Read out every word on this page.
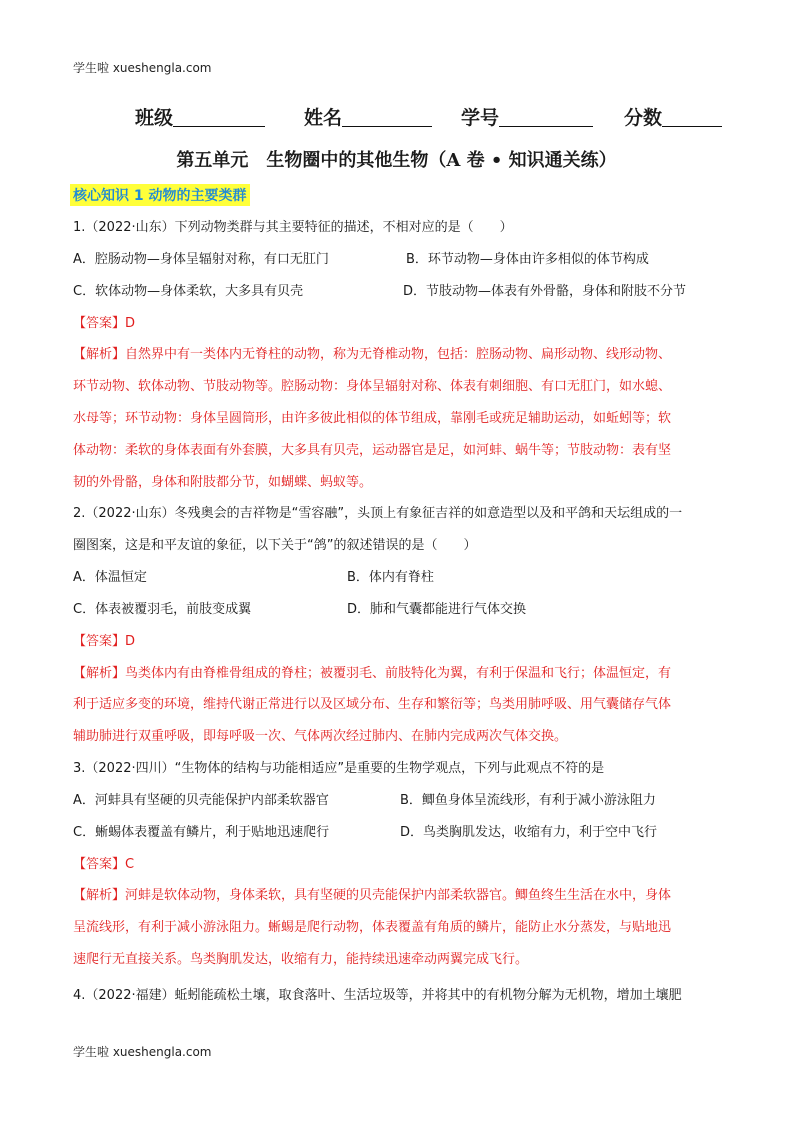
学生啦 xueshengla.com
班级	姓名	学号	分数
第五单元　生物圈中的其他生物（A 卷 • 知识通关练）
核心知识 1 动物的主要类群
1.（2022·山东）下列动物类群与其主要特征的描述，不相对应的是（　　）
A．腔肠动物—身体呈辐射对称，有口无肛门	B．环节动物—身体由许多相似的体节构成
C．软体动物—身体柔软，大多具有贝壳	D．节肢动物—体表有外骨骼，身体和附肢不分节
【答案】D
【解析】自然界中有一类体内无脊柱的动物，称为无脊椎动物，包括：腔肠动物、扁形动物、线形动物、
环节动物、软体动物、节肢动物等。腔肠动物：身体呈辐射对称、体表有刺细胞、有口无肛门，如水螅、
水母等；环节动物：身体呈圆筒形，由许多彼此相似的体节组成，靠刚毛或疣足辅助运动，如蚯蚓等；软
体动物：柔软的身体表面有外套膜，大多具有贝壳，运动器官是足，如河蚌、蜗牛等；节肢动物：表有坚
韧的外骨骼，身体和附肢都分节，如蝴蝶、蚂蚁等。
2.（2022·山东）冬残奥会的吉祥物是“雪容融”，头顶上有象征吉祥的如意造型以及和平鸽和天坛组成的一
圈图案，这是和平友谊的象征，以下关于“鸽”的叙述错误的是（　　）
A．体温恒定	B．体内有脊柱
C．体表被覆羽毛，前肢变成翼	D．肺和气囊都能进行气体交换
【答案】D
【解析】鸟类体内有由脊椎骨组成的脊柱；被覆羽毛、前肢特化为翼，有利于保温和飞行；体温恒定，有
利于适应多变的环境，维持代谢正常进行以及区域分布、生存和繁衍等；鸟类用肺呼吸、用气囊储存气体
辅助肺进行双重呼吸，即每呼吸一次、气体两次经过肺内、在肺内完成两次气体交换。
3.（2022·四川）“生物体的结构与功能相适应”是重要的生物学观点，下列与此观点不符的是
A．河蚌具有坚硬的贝壳能保护内部柔软器官	B．鲫鱼身体呈流线形，有利于减小游泳阻力
C．蜥蜴体表覆盖有鳞片，利于贴地迅速爬行	D．鸟类胸肌发达，收缩有力，利于空中飞行
【答案】C
【解析】河蚌是软体动物，身体柔软，具有坚硬的贝壳能保护内部柔软器官。鲫鱼终生生活在水中，身体
呈流线形，有利于减小游泳阻力。蜥蜴是爬行动物，体表覆盖有角质的鳞片，能防止水分蒸发，与贴地迅
速爬行无直接关系。鸟类胸肌发达，收缩有力，能持续迅速牵动两翼完成飞行。
4.（2022·福建）蚯蚓能疏松土壤，取食落叶、生活垃圾等，并将其中的有机物分解为无机物，增加土壤肥
学生啦 xueshengla.com
